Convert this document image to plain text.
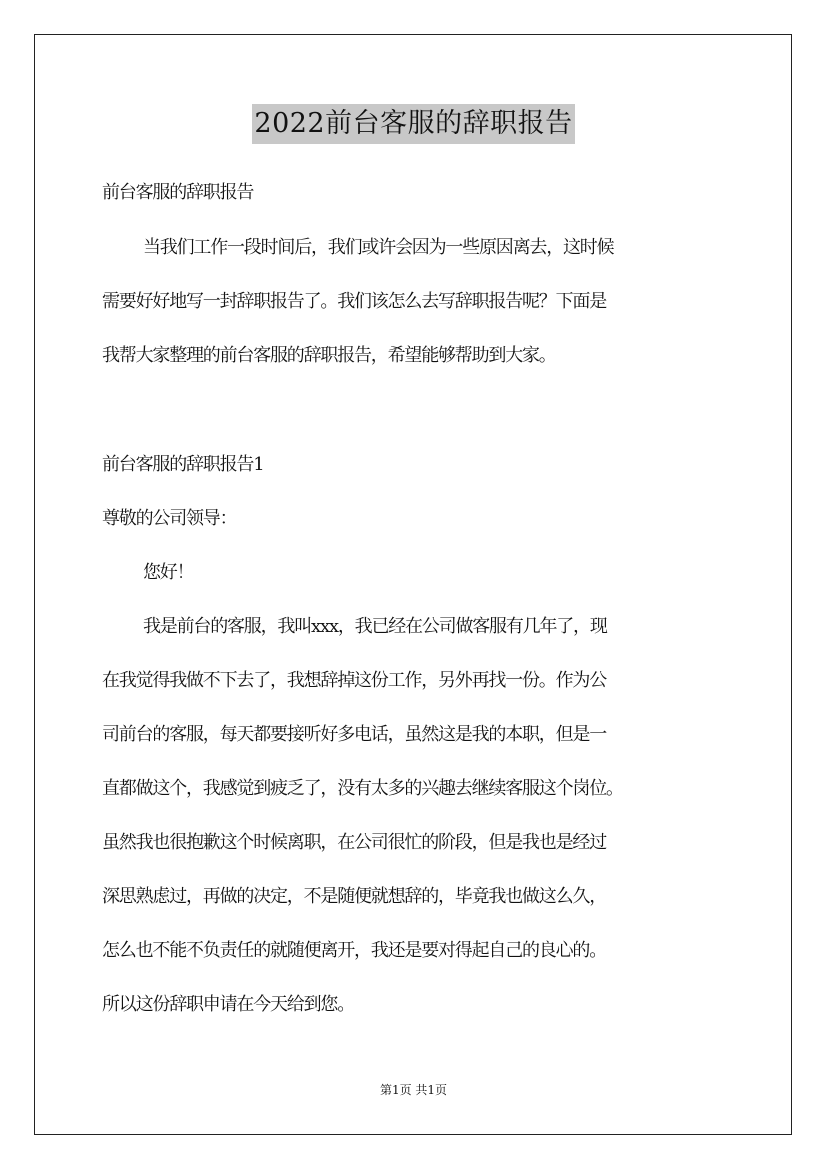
2022前台客服的辞职报告
前台客服的辞职报告
当我们工作一段时间后，我们或许会因为一些原因离去，这时候
需要好好地写一封辞职报告了。我们该怎么去写辞职报告呢？下面是
我帮大家整理的前台客服的辞职报告，希望能够帮助到大家。
前台客服的辞职报告1
尊敬的公司领导：
您好！
我是前台的客服，我叫xxx，我已经在公司做客服有几年了，现
在我觉得我做不下去了，我想辞掉这份工作，另外再找一份。作为公
司前台的客服，每天都要接听好多电话，虽然这是我的本职，但是一
直都做这个，我感觉到疲乏了，没有太多的兴趣去继续客服这个岗位。
虽然我也很抱歉这个时候离职，在公司很忙的阶段，但是我也是经过
深思熟虑过，再做的决定，不是随便就想辞的，毕竟我也做这么久，
怎么也不能不负责任的就随便离开，我还是要对得起自己的良心的。
所以这份辞职申请在今天给到您。
第1页 共1页
